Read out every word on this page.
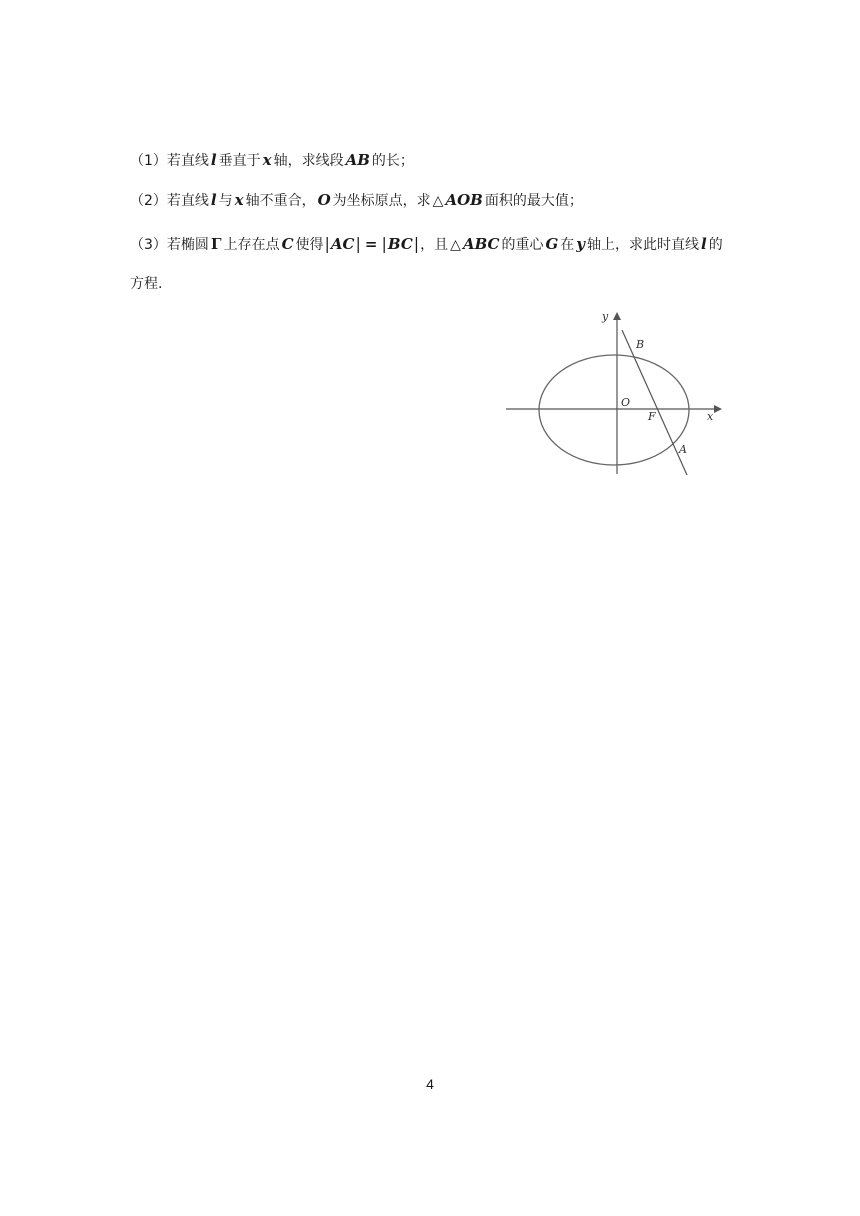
（1）若直线 l 垂直于 x 轴，求线段 AB 的长；
（2）若直线 l 与 x 轴不重合， O 为坐标原点，求 △ AOB 面积的最大值；
（3）若椭圆 Γ 上存在点 C 使得|AC| = |BC|，且 △ ABC 的重心 G 在 y 轴上，求此时直线 l 的
方程.
y
x
O
F
B
A
4
